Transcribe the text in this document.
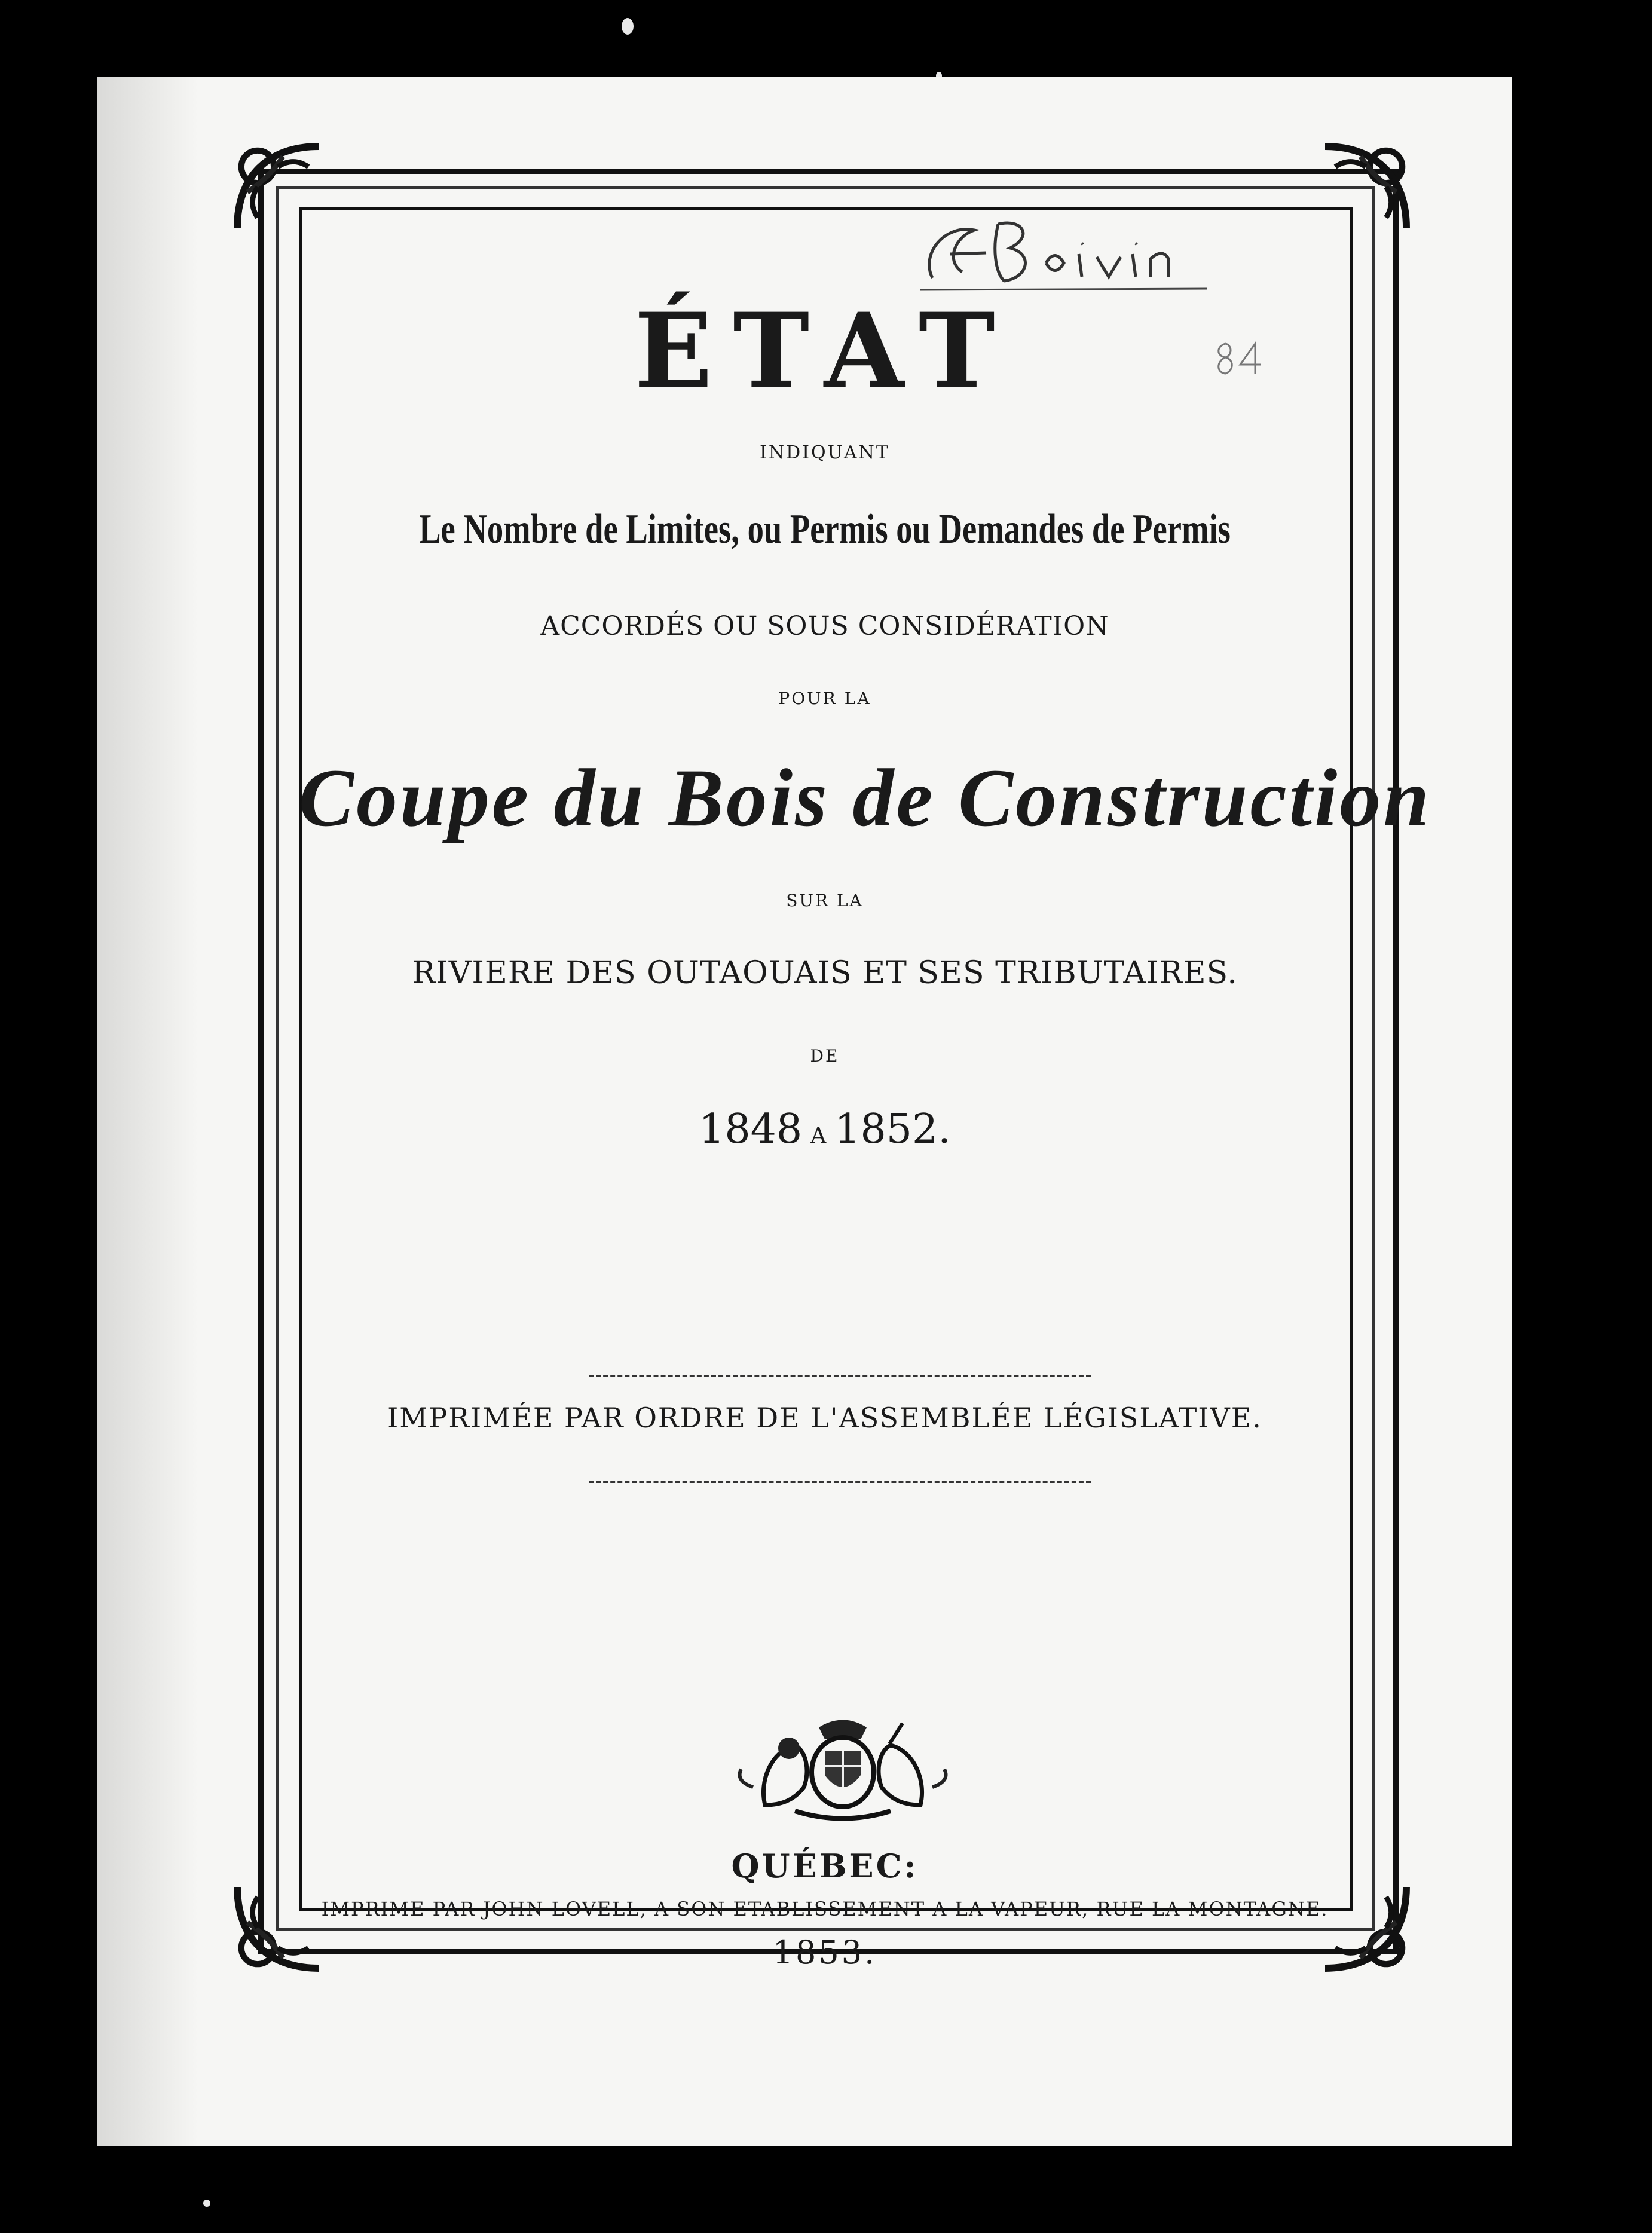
ÉTAT
INDIQUANT
Le Nombre de Limites, ou Permis ou Demandes de Permis
ACCORDÉS OU SOUS CONSIDÉRATION
POUR LA
Coupe du Bois de Construction
SUR LA
RIVIERE DES OUTAOUAIS ET SES TRIBUTAIRES.
DE
1848 A 1852.
IMPRIMÉE PAR ORDRE DE L'ASSEMBLÉE LÉGISLATIVE.
QUÉBEC:
IMPRIME PAR JOHN LOVELL, A SON ETABLISSEMENT A LA VAPEUR, RUE LA MONTAGNE.
1853.
